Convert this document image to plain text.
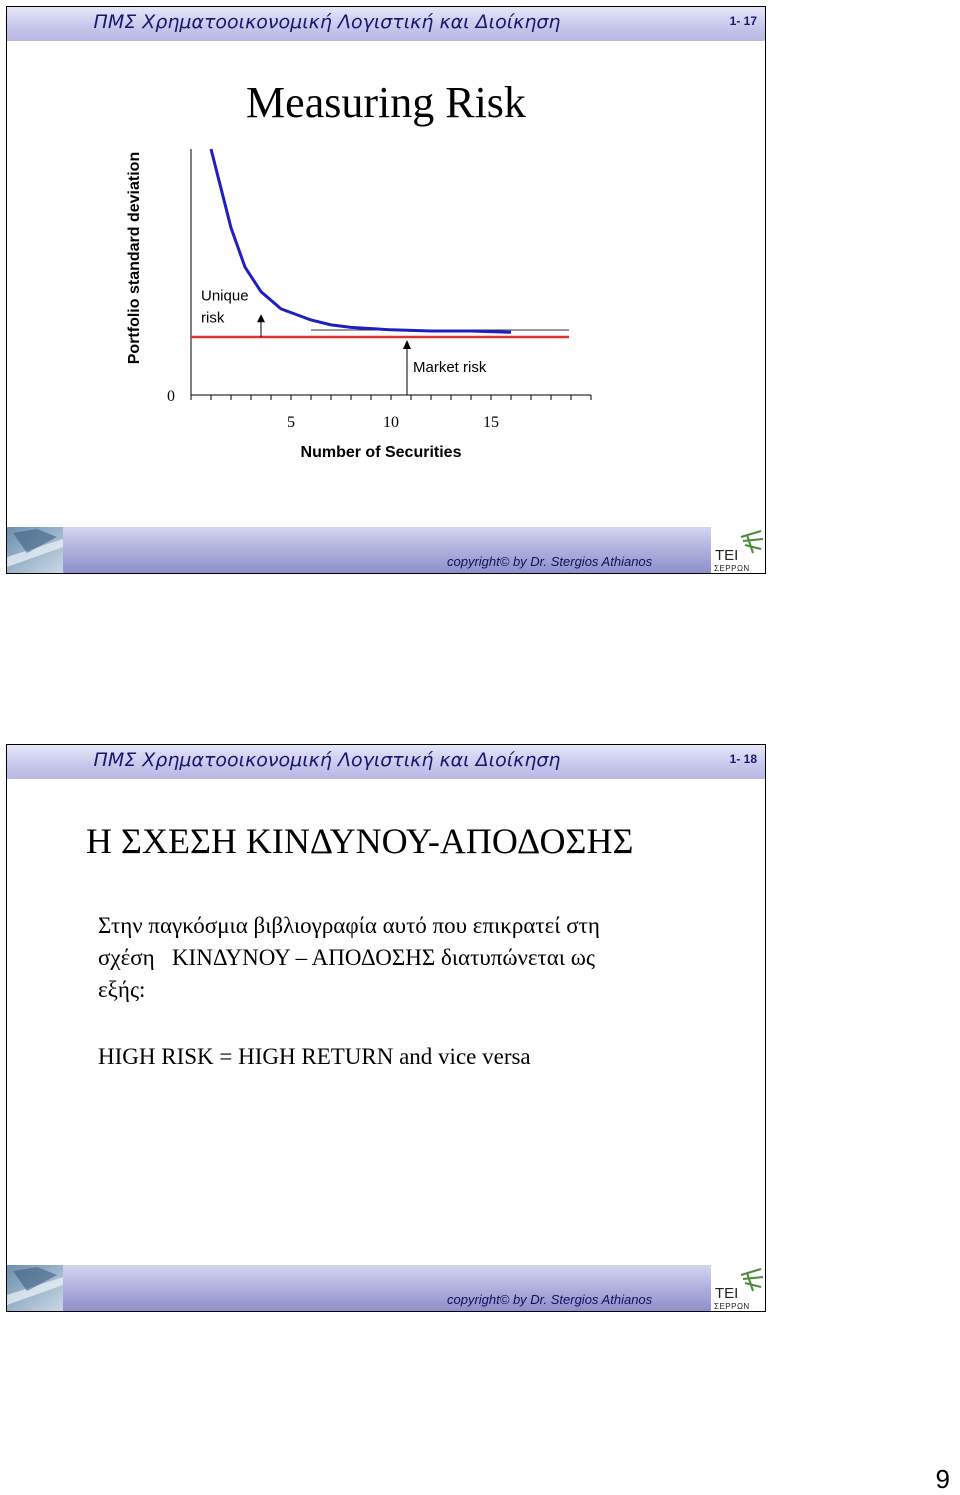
ΠΜΣ Χρηματοοικονομική Λογιστική και Διοίκηση	1- 17
copyright© by Dr. Stergios Athianos	ΤΕΙ
ΣΕΡΡΩΝ
Measuring Risk
0
5	10	15
Number of Securities
Portfolio standard deviation	Unique
risk
Market risk
ΠΜΣ Χρηματοοικονομική Λογιστική και Διοίκηση	1- 18
copyright© by Dr. Stergios Athianos	ΤΕΙ
ΣΕΡΡΩΝ
Η ΣΧΕΣΗ ΚΙΝΔΥΝΟΥ-ΑΠΟΔΟΣΗΣ
Στην παγκόσμια βιβλιογραφία αυτό που επικρατεί στη
σχέση   ΚΙΝΔΥΝΟΥ – ΑΠΟΔΟΣΗΣ διατυπώνεται ως
εξής:
HIGH RISK = HIGH RETURN and vice versa
9
